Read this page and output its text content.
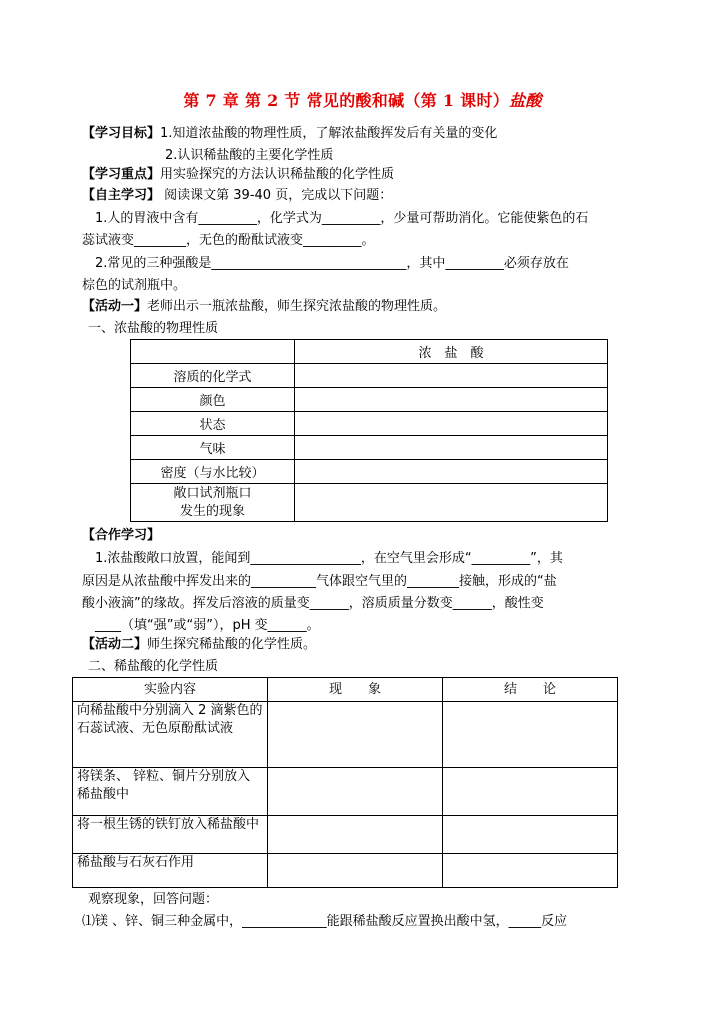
第 7 章 第 2 节 常见的酸和碱（第 1 课时）盐酸
【学习目标】1.知道浓盐酸的物理性质，了解浓盐酸挥发后有关量的变化
2.认识稀盐酸的主要化学性质
【学习重点】用实验探究的方法认识稀盐酸的化学性质
【自主学习】 阅读课文第 39-40 页，完成以下问题：
1.人的胃液中含有_________，化学式为_________，少量可帮助消化。它能使紫色的石
蕊试液变________，无色的酚酞试液变_________。
2.常见的三种强酸是______________________________，其中_________必须存放在
棕色的试剂瓶中。
【活动一】老师出示一瓶浓盐酸，师生探究浓盐酸的物理性质。
一、浓盐酸的物理性质
	浓　盐　酸
溶质的化学式	
颜色	
状态	
气味	
密度（与水比较）	

敞口试剂瓶口
发生的现象	

【合作学习】
1.浓盐酸敞口放置，能闻到_________________，在空气里会形成“_________”，其
原因是从浓盐酸中挥发出来的__________气体跟空气里的________接触，形成的“盐
酸小液滴”的缘故。挥发后溶液的质量变______，溶质质量分数变______，酸性变
____（填“强”或“弱”），pH 变______。
【活动二】师生探究稀盐酸的化学性质。
二、稀盐酸的化学性质
实验内容	现　　象	结　　论
向稀盐酸中分别滴入 2 滴紫色的石蕊试液、无色原酚酞试液		
将镁条、 锌粒、铜片分别放入稀盐酸中		
将一根生锈的铁钉放入稀盐酸中		
稀盐酸与石灰石作用		
观察现象，回答问题：
⑴镁 、锌、铜三种金属中，_____________能跟稀盐酸反应置换出酸中氢，_____反应
